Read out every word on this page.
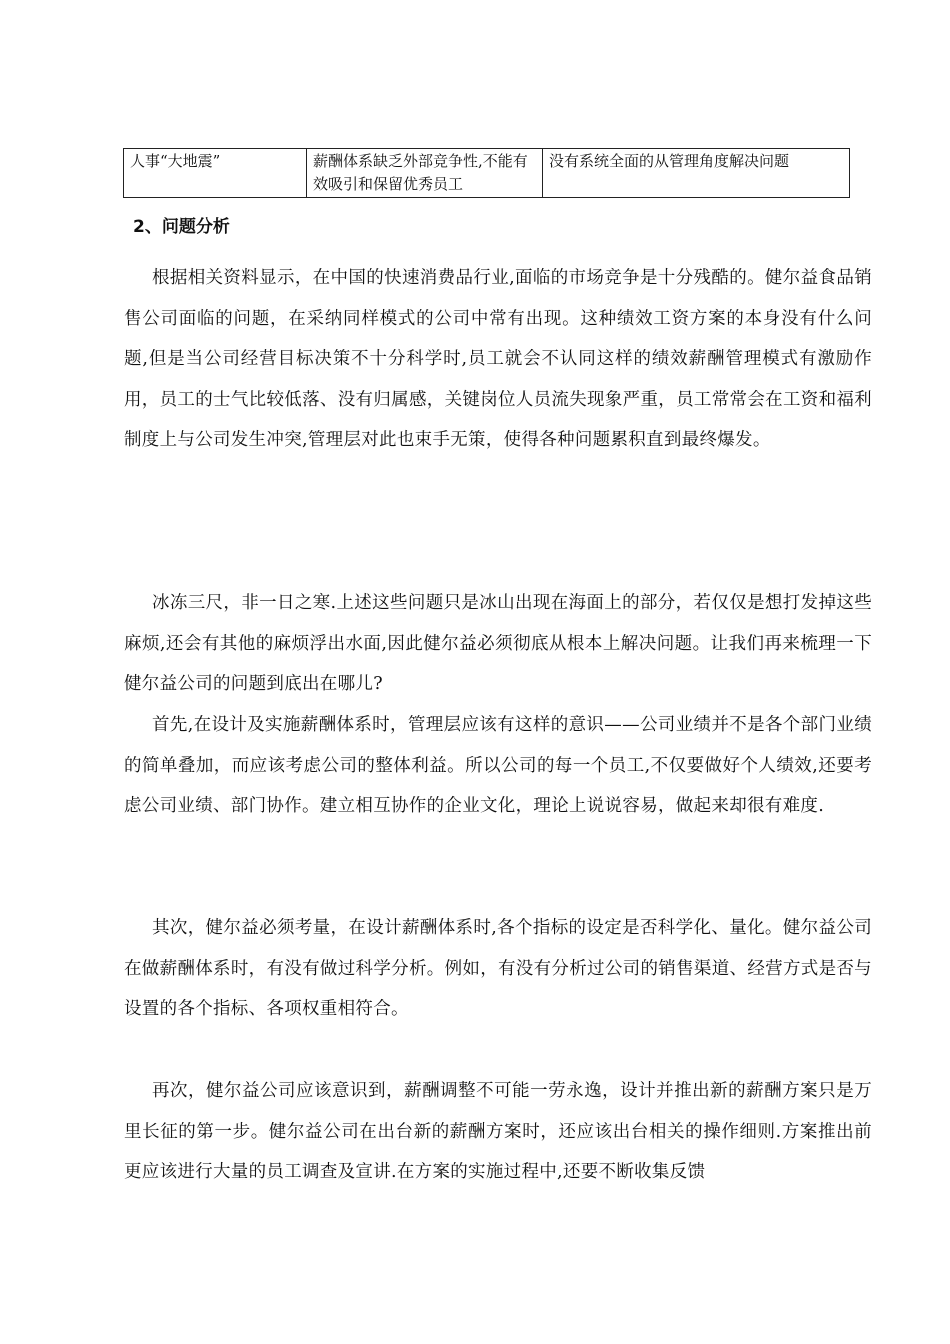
人事“大地震”	薪酬体系缺乏外部竞争性,不能有效吸引和保留优秀员工	没有系统全面的从管理角度解决问题
2、问题分析

根据相关资料显示，在中国的快速消费品行业,面临的市场竞争是十分残酷的。健尔益食品销售公司面临的问题，在采纳同样模式的公司中常有出现。这种绩效工资方案的本身没有什么问题,但是当公司经营目标决策不十分科学时,员工就会不认同这样的绩效薪酬管理模式有激励作用，员工的士气比较低落、没有归属感，关键岗位人员流失现象严重，员工常常会在工资和福利制度上与公司发生冲突,管理层对此也束手无策，使得各种问题累积直到最终爆发。

冰冻三尺，非一日之寒.上述这些问题只是冰山出现在海面上的部分，若仅仅是想打发掉这些麻烦,还会有其他的麻烦浮出水面,因此健尔益必须彻底从根本上解决问题。让我们再来梳理一下健尔益公司的问题到底出在哪儿?

首先,在设计及实施薪酬体系时，管理层应该有这样的意识——公司业绩并不是各个部门业绩的简单叠加，而应该考虑公司的整体利益。所以公司的每一个员工,不仅要做好个人绩效,还要考虑公司业绩、部门协作。建立相互协作的企业文化，理论上说说容易，做起来却很有难度.

其次，健尔益必须考量，在设计薪酬体系时,各个指标的设定是否科学化、量化。健尔益公司在做薪酬体系时，有没有做过科学分析。例如，有没有分析过公司的销售渠道、经营方式是否与设置的各个指标、各项权重相符合。

再次，健尔益公司应该意识到，薪酬调整不可能一劳永逸，设计并推出新的薪酬方案只是万里长征的第一步。健尔益公司在出台新的薪酬方案时，还应该出台相关的操作细则.方案推出前更应该进行大量的员工调查及宣讲.在方案的实施过程中,还要不断收集反馈
